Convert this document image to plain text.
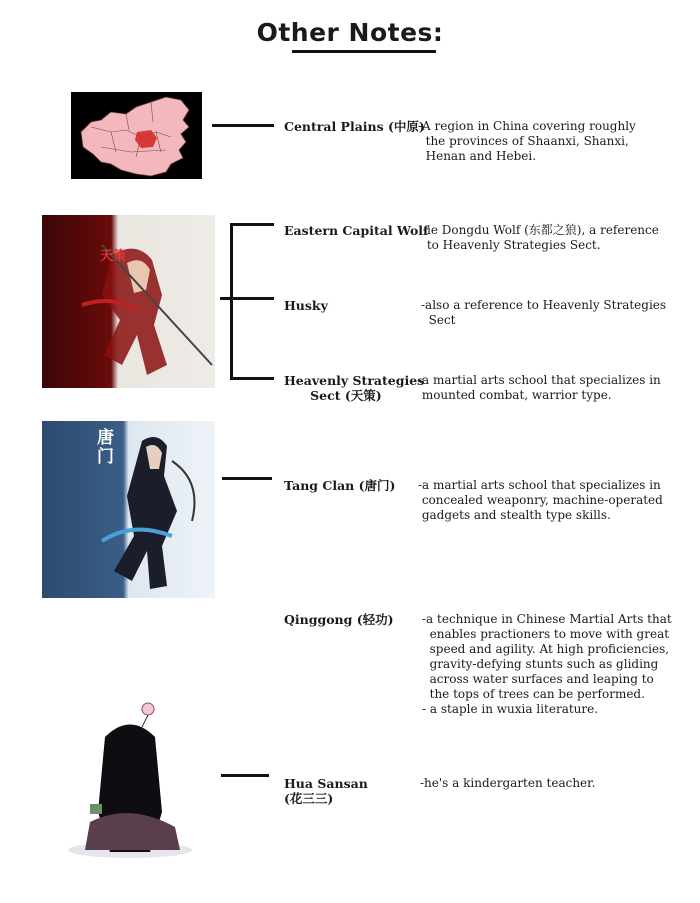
Other Notes:
天策
唐门
Central Plains (中原)
-A region in China covering roughly
the provinces of Shaanxi, Shanxi,
Henan and Hebei.
Eastern Capital Wolf
-ie Dongdu Wolf (东都之狼), a reference
to Heavenly Strategies Sect.
Husky	-also a reference to Heavenly Strategies
Sect
Heavenly Strategies
Sect (天策)
-a martial arts school that specializes in
mounted combat, warrior type.
Tang Clan (唐门) -a martial arts school that specializes in
concealed weaponry, machine-operated
gadgets and stealth type skills.
Qinggong (轻功) -a technique in Chinese Martial Arts that
enables practioners to move with great
speed and agility. At high proficiencies,
gravity-defying stunts such as gliding
across water surfaces and leaping to
the tops of trees can be performed.
- a staple in wuxia literature.
Hua Sansan
(花三三)
-he's a kindergarten teacher.
